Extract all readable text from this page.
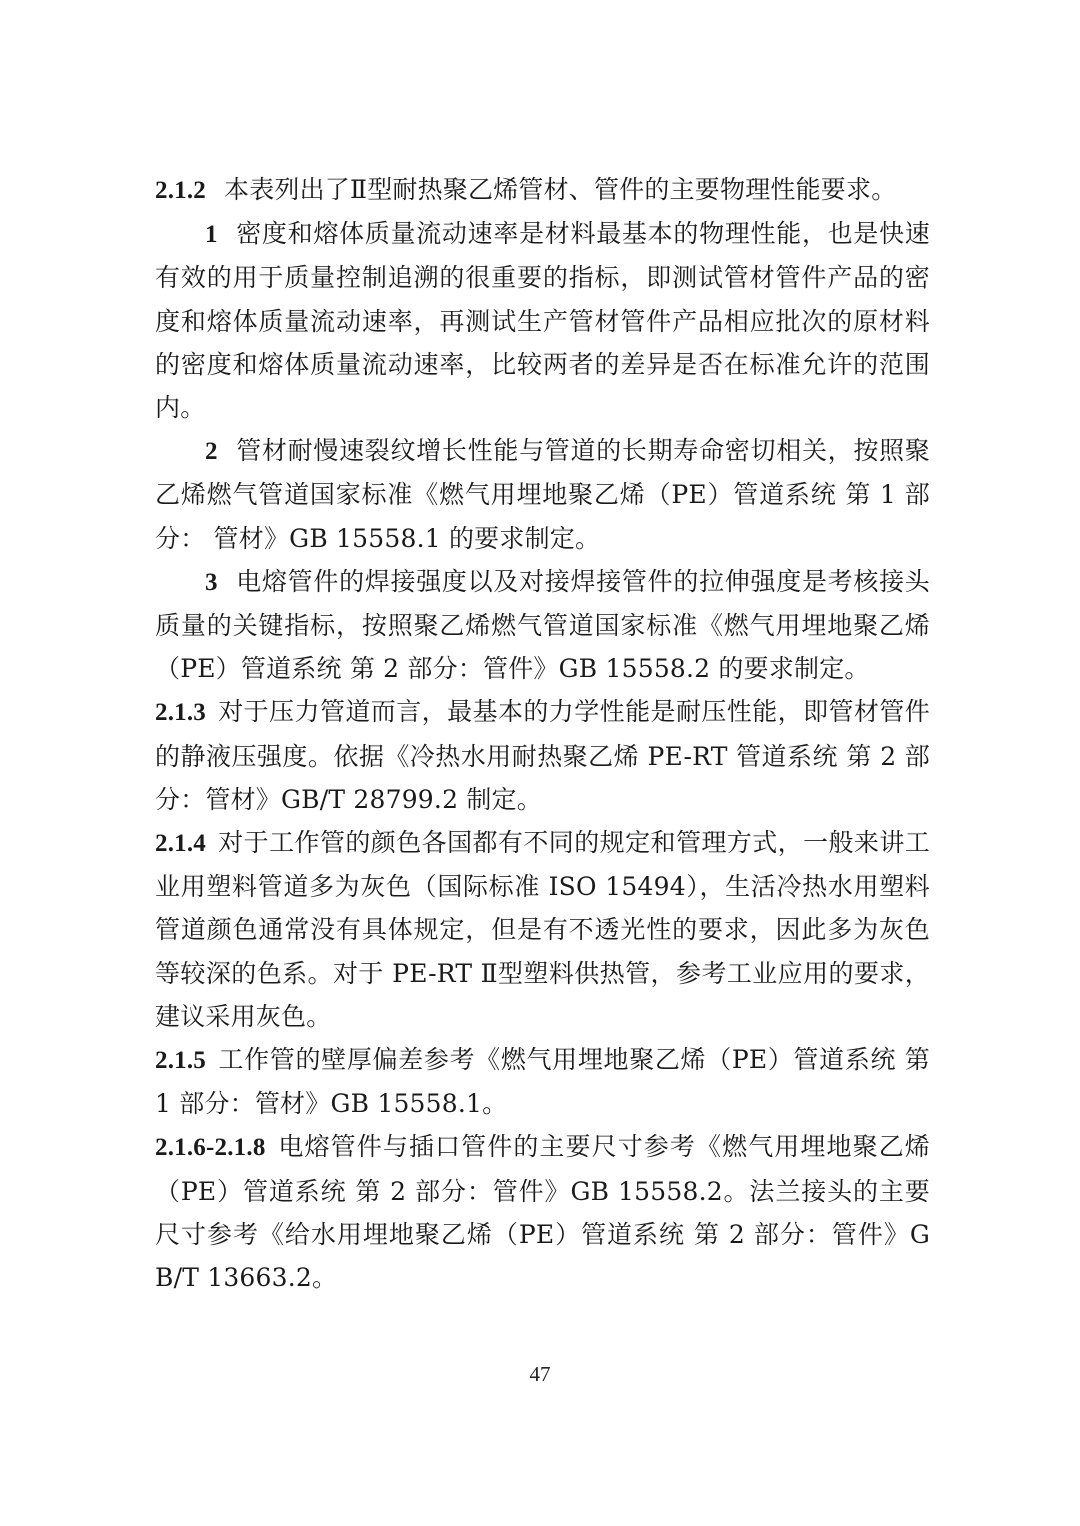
2.1.2 本表列出了Ⅱ型耐热聚乙烯管材、管件的主要物理性能要求。

1 密度和熔体质量流动速率是材料最基本的物理性能，也是快速有效的用于质量控制追溯的很重要的指标，即测试管材管件产品的密度和熔体质量流动速率，再测试生产管材管件产品相应批次的原材料的密度和熔体质量流动速率，比较两者的差异是否在标准允许的范围内。

2 管材耐慢速裂纹增长性能与管道的长期寿命密切相关，按照聚乙烯燃气管道国家标准《燃气用埋地聚乙烯（PE）管道系统 第 1 部分： 管材》GB 15558.1 的要求制定。

3 电熔管件的焊接强度以及对接焊接管件的拉伸强度是考核接头质量的关键指标，按照聚乙烯燃气管道国家标准《燃气用埋地聚乙烯（PE）管道系统 第 2 部分：管件》GB 15558.2 的要求制定。

2.1.3 对于压力管道而言，最基本的力学性能是耐压性能，即管材管件的静液压强度。依据《冷热水用耐热聚乙烯 PE-RT 管道系统 第 2 部分：管材》GB/T 28799.2 制定。

2.1.4 对于工作管的颜色各国都有不同的规定和管理方式，一般来讲工业用塑料管道多为灰色（国际标准 ISO 15494），生活冷热水用塑料管道颜色通常没有具体规定，但是有不透光性的要求，因此多为灰色等较深的色系。对于 PE-RT Ⅱ型塑料供热管，参考工业应用的要求，建议采用灰色。

2.1.5 工作管的壁厚偏差参考《燃气用埋地聚乙烯（PE）管道系统 第 1 部分：管材》GB 15558.1。

2.1.6-2.1.8 电熔管件与插口管件的主要尺寸参考《燃气用埋地聚乙烯（PE）管道系统 第 2 部分：管件》GB 15558.2。法兰接头的主要尺寸参考《给水用埋地聚乙烯（PE）管道系统 第 2 部分：管件》GB/T 13663.2。

47
